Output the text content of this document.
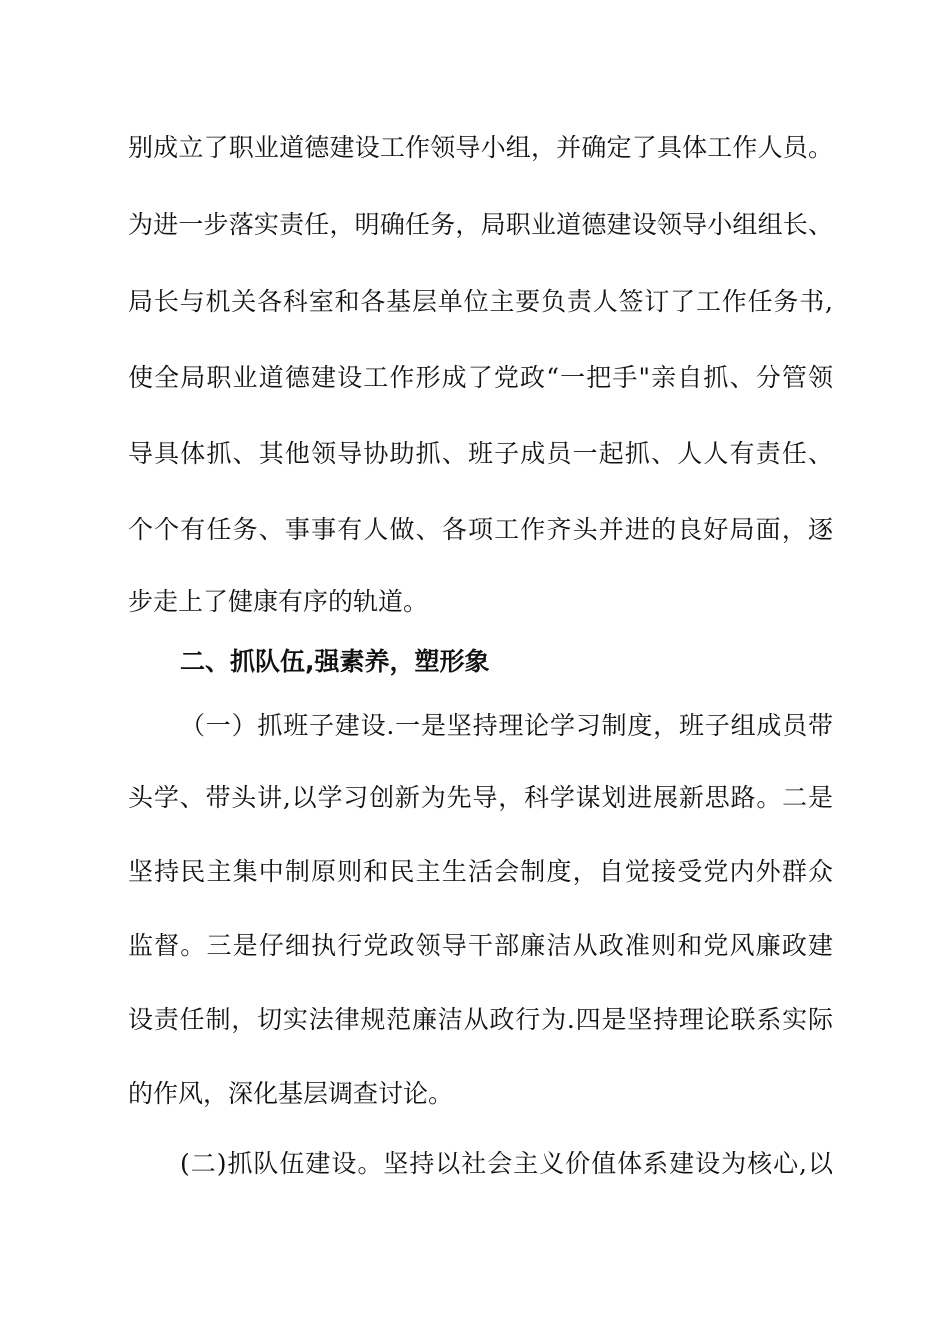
别成立了职业道德建设工作领导小组，并确定了具体工作人员。
为进一步落实责任，明确任务，局职业道德建设领导小组组长、
局长与机关各科室和各基层单位主要负责人签订了工作任务书,
使全局职业道德建设工作形成了党政“一把手"亲自抓、分管领
导具体抓、其他领导协助抓、班子成员一起抓、人人有责任、
个个有任务、事事有人做、各项工作齐头并进的良好局面，逐
步走上了健康有序的轨道。
二、抓队伍,强素养，塑形象
（一）抓班子建设.一是坚持理论学习制度，班子组成员带
头学、带头讲,以学习创新为先导，科学谋划进展新思路。二是
坚持民主集中制原则和民主生活会制度，自觉接受党内外群众
监督。三是仔细执行党政领导干部廉洁从政准则和党风廉政建
设责任制，切实法律规范廉洁从政行为.四是坚持理论联系实际
的作风，深化基层调查讨论。
(二)抓队伍建设。坚持以社会主义价值体系建设为核心,以
